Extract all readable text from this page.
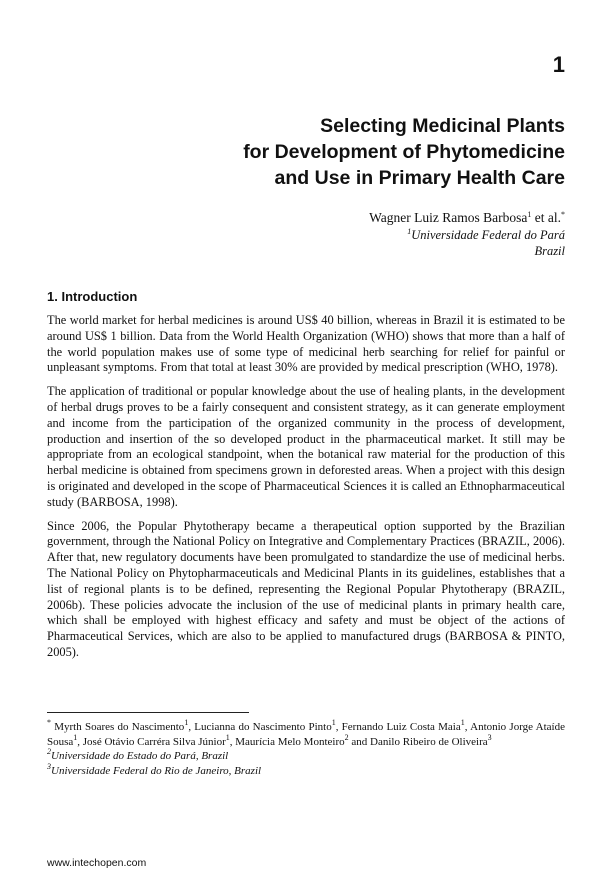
1
Selecting Medicinal Plants
for Development of Phytomedicine
and Use in Primary Health Care
Wagner Luiz Ramos Barbosa$^1$ et al.*
$^1$Universidade Federal do Pará
Brazil
1. Introduction

The world market for herbal medicines is around US$ 40 billion, whereas in Brazil it is estimated to be around US$ 1 billion. Data from the World Health Organization (WHO) shows that more than a half of the world population makes use of some type of medicinal herb searching for relief for painful or unpleasant symptoms. From that total at least 30% are provided by medical prescription (WHO, 1978).

The application of traditional or popular knowledge about the use of healing plants, in the development of herbal drugs proves to be a fairly consequent and consistent strategy, as it can generate employment and income from the participation of the organized community in the process of development, production and insertion of the so developed product in the pharmaceutical market. It still may be appropriate from an ecological standpoint, when the botanical raw material for the production of this herbal medicine is obtained from specimens grown in deforested areas. When a project with this design is originated and developed in the scope of Pharmaceutical Sciences it is called an Ethnopharmaceutical study (BARBOSA, 1998).

Since 2006, the Popular Phytotherapy became a therapeutical option supported by the Brazilian government, through the National Policy on Integrative and Complementary Practices (BRAZIL, 2006). After that, new regulatory documents have been promulgated to standardize the use of medicinal herbs. The National Policy on Phytopharmaceuticals and Medicinal Plants in its guidelines, establishes that a list of regional plants is to be defined, representing the Regional Popular Phytotherapy (BRAZIL, 2006b). These policies advocate the inclusion of the use of medicinal plants in primary health care, which shall be employed with highest efficacy and safety and must be object of the actions of Pharmaceutical Services, which are also to be applied to manufactured drugs (BARBOSA & PINTO, 2005).

* Myrth Soares do Nascimento$^1$, Lucianna do Nascimento Pinto$^1$, Fernando Luiz Costa Maia$^1$, Antonio Jorge Ataíde Sousa$^1$, José Otávio Carréra Silva Júnior$^1$, Maurícia Melo Monteiro$^2$ and Danilo Ribeiro de Oliveira$^3$

$^2$Universidade do Estado do Pará, Brazil

$^3$Universidade Federal do Rio de Janeiro, Brazil

www.intechopen.com
